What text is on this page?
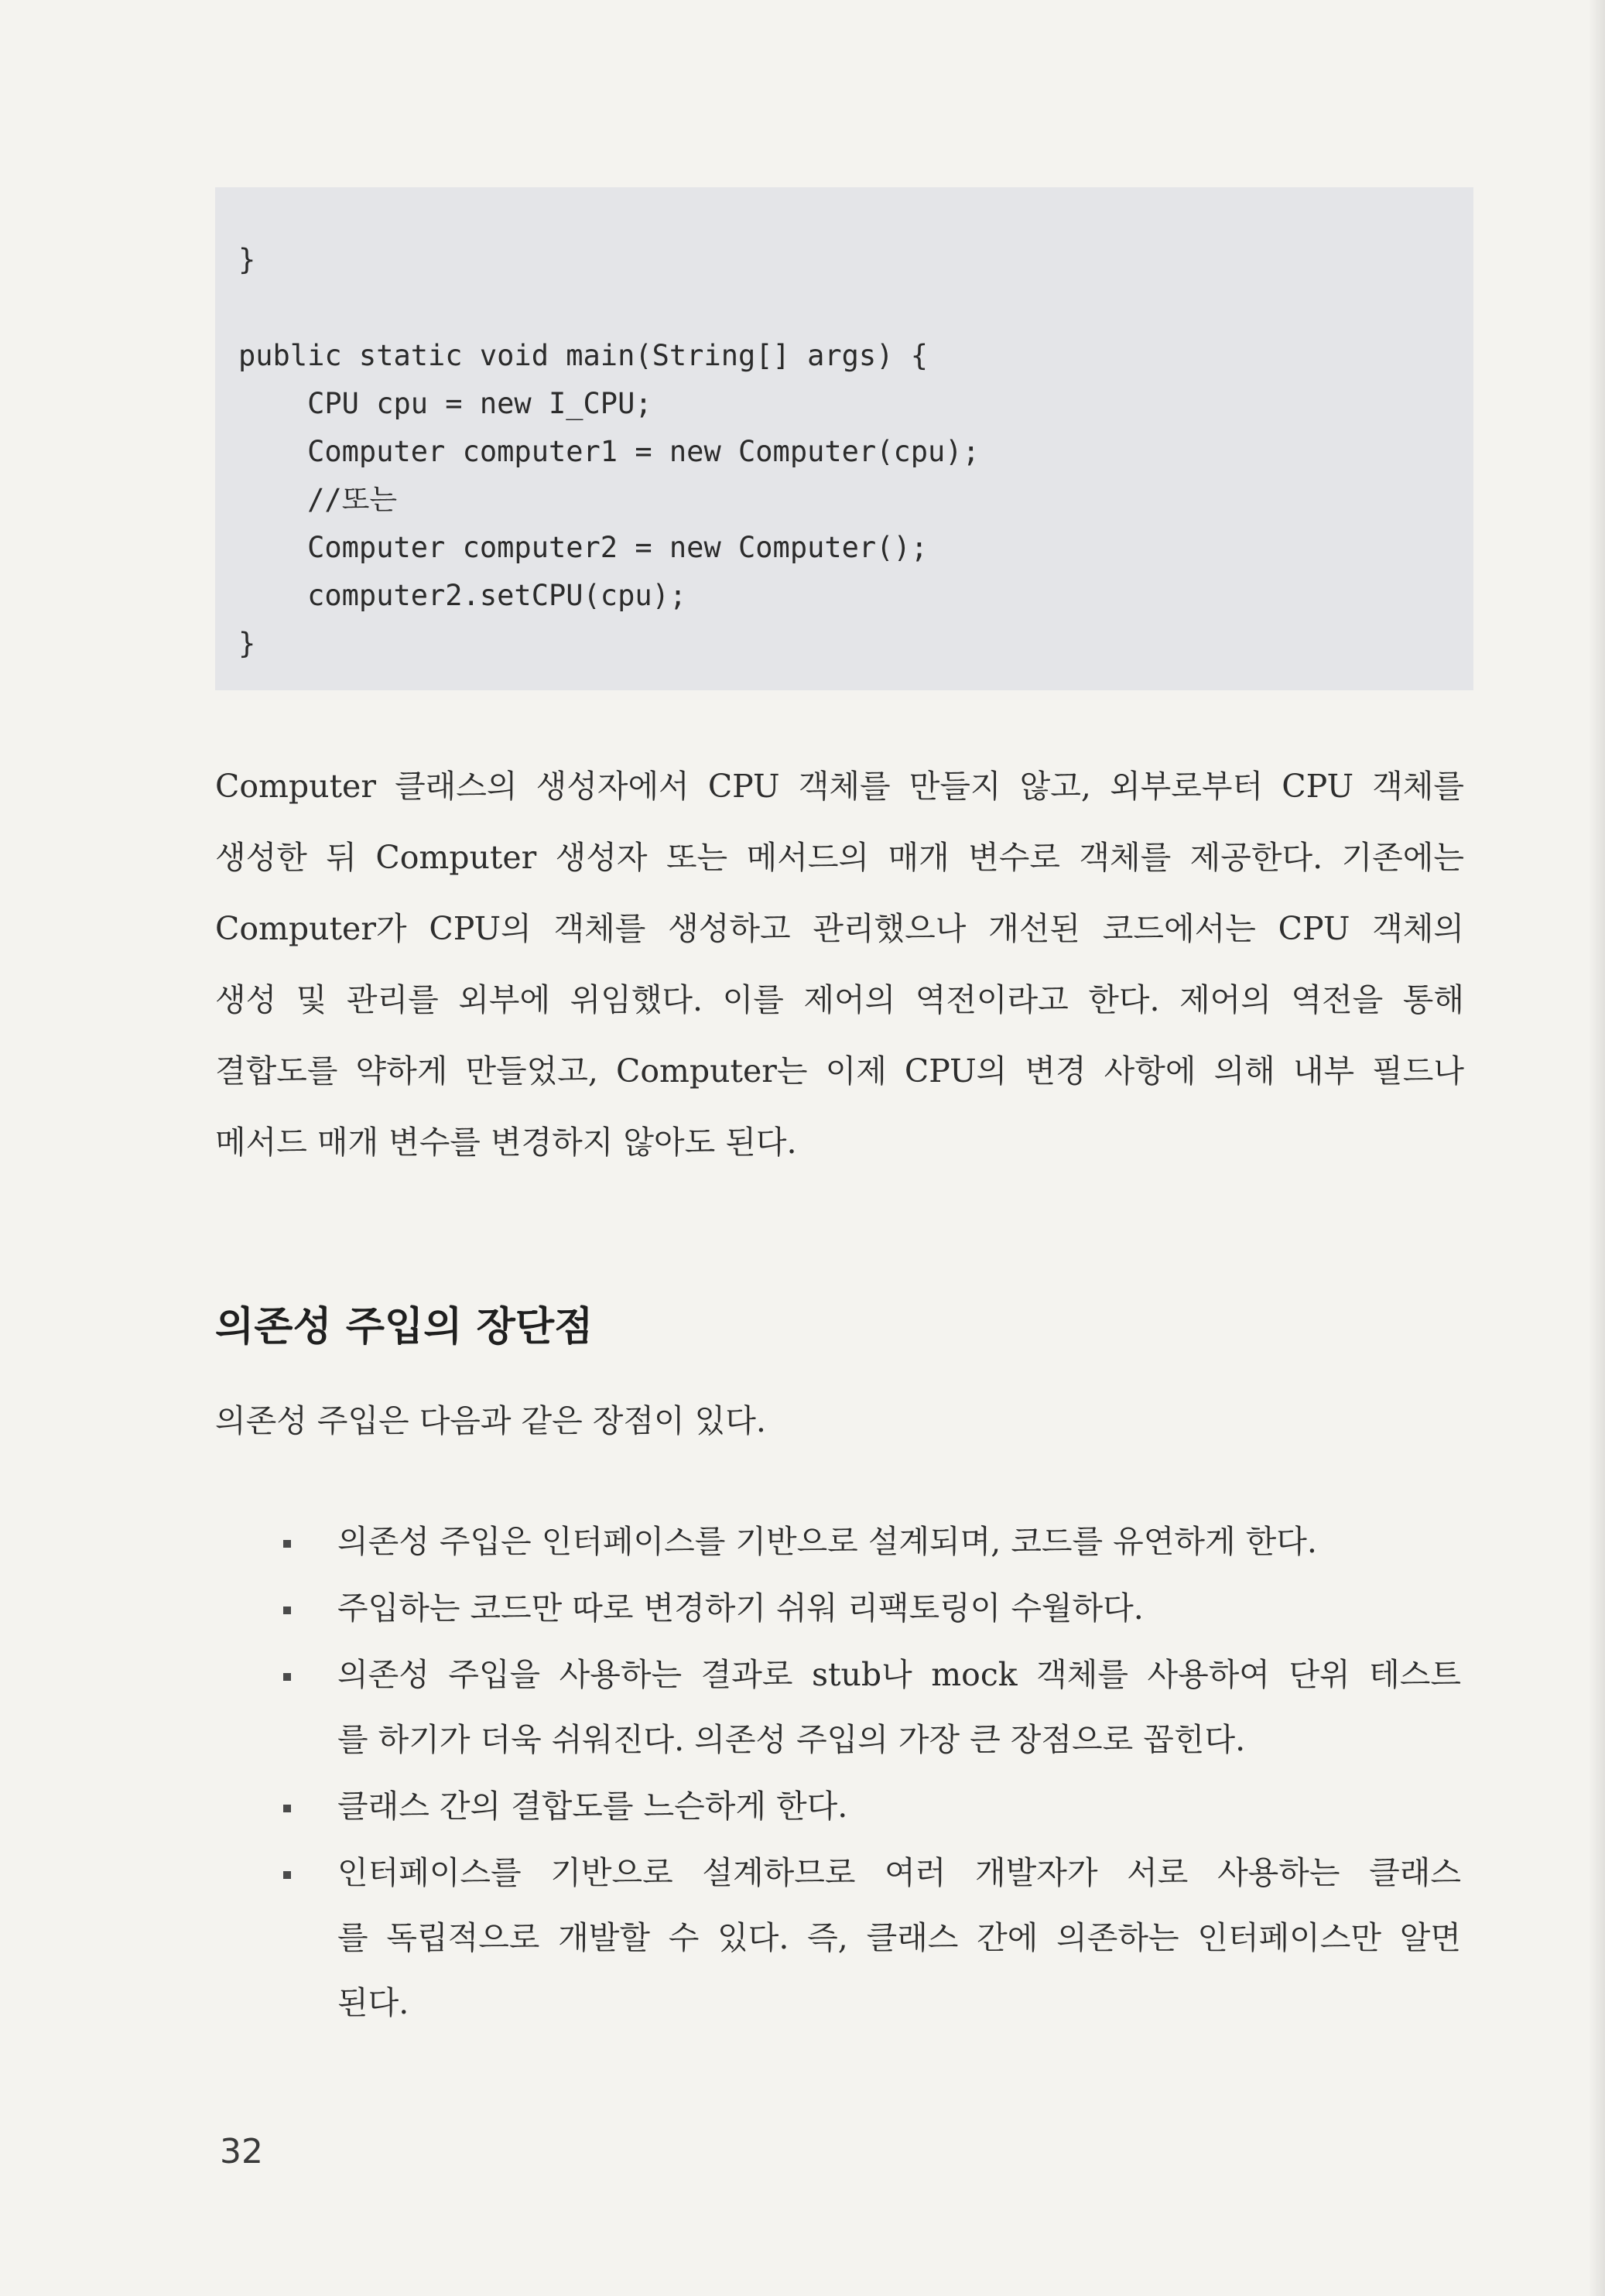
}
public static void main(String[] args) {
CPU cpu = new I_CPU;
Computer computer1 = new Computer(cpu);
//또는
Computer computer2 = new Computer();
computer2.setCPU(cpu);
}
Computer 클래스의 생성자에서 CPU 객체를 만들지 않고, 외부로부터 CPU 객체를
생성한 뒤 Computer 생성자 또는 메서드의 매개 변수로 객체를 제공한다. 기존에는
Computer가 CPU의 객체를 생성하고 관리했으나 개선된 코드에서는 CPU 객체의
생성 및 관리를 외부에 위임했다. 이를 제어의 역전이라고 한다. 제어의 역전을 통해
결합도를 약하게 만들었고, Computer는 이제 CPU의 변경 사항에 의해 내부 필드나
메서드 매개 변수를 변경하지 않아도 된다.
의존성 주입의 장단점
의존성 주입은 다음과 같은 장점이 있다.
의존성 주입은 인터페이스를 기반으로 설계되며, 코드를 유연하게 한다.
주입하는 코드만 따로 변경하기 쉬워 리팩토링이 수월하다.
의존성 주입을 사용하는 결과로 stub나 mock 객체를 사용하여 단위 테스트
를 하기가 더욱 쉬워진다. 의존성 주입의 가장 큰 장점으로 꼽힌다.
클래스 간의 결합도를 느슨하게 한다.
인터페이스를 기반으로 설계하므로 여러 개발자가 서로 사용하는 클래스
를 독립적으로 개발할 수 있다. 즉, 클래스 간에 의존하는 인터페이스만 알면
된다.
32
